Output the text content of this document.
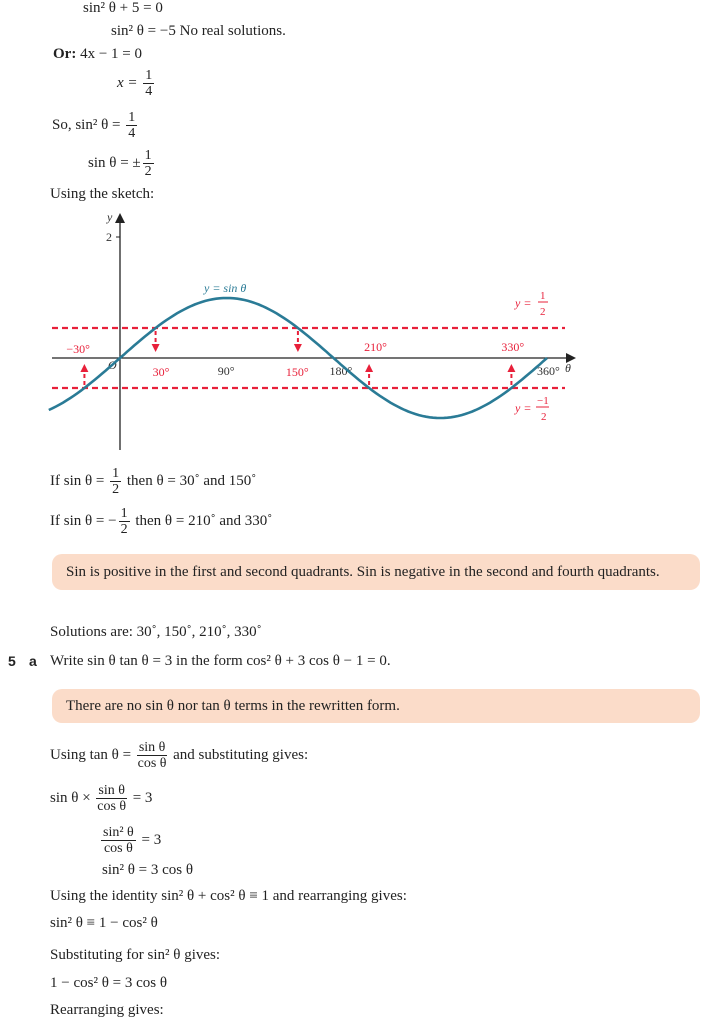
sin² θ + 5 = 0
sin² θ = −5 No real solutions.
Or: 4x − 1 = 0
$x = \frac{1}{4}$
So, sin² $\theta = \frac{1}{4}$
sin θ = ± $\frac{1}{2}$
Using the sketch:
2
y
θ
O	90°	180°	360°
y = sin θ
−30°
30°	150°
210°	330°
y = 1
2
y = −1
2
If $\sin \theta = \frac{1}{2}$ then θ = 30˚ and 150˚
If sin θ = − $\frac{1}{2}$ then θ = 210˚ and 330˚
Sin is positive in the first and second quadrants. Sin is negative in the second and fourth quadrants.
Solutions are: 30˚, 150˚, 210˚, 330˚
5 a Write sin θ tan θ = 3 in the form cos² θ + 3 cos θ − 1 = 0.
There are no sin θ nor tan θ terms in the rewritten form.
Using $\tan \theta = \frac{\text{sin θ}}{\text{cos θ}}$ and substituting gives:
$\sin \theta \times \frac{\text{sin θ}}{\text{cos θ}} = 3$
$\frac{\text{sin² θ}}{\text{cos θ}} = 3$
sin² θ = 3 cos θ
Using the identity sin² θ + cos² θ ≡ 1 and rearranging gives:
sin² θ ≡ 1 − cos² θ
Substituting for sin² θ gives:
1 − cos² θ = 3 cos θ
Rearranging gives:
